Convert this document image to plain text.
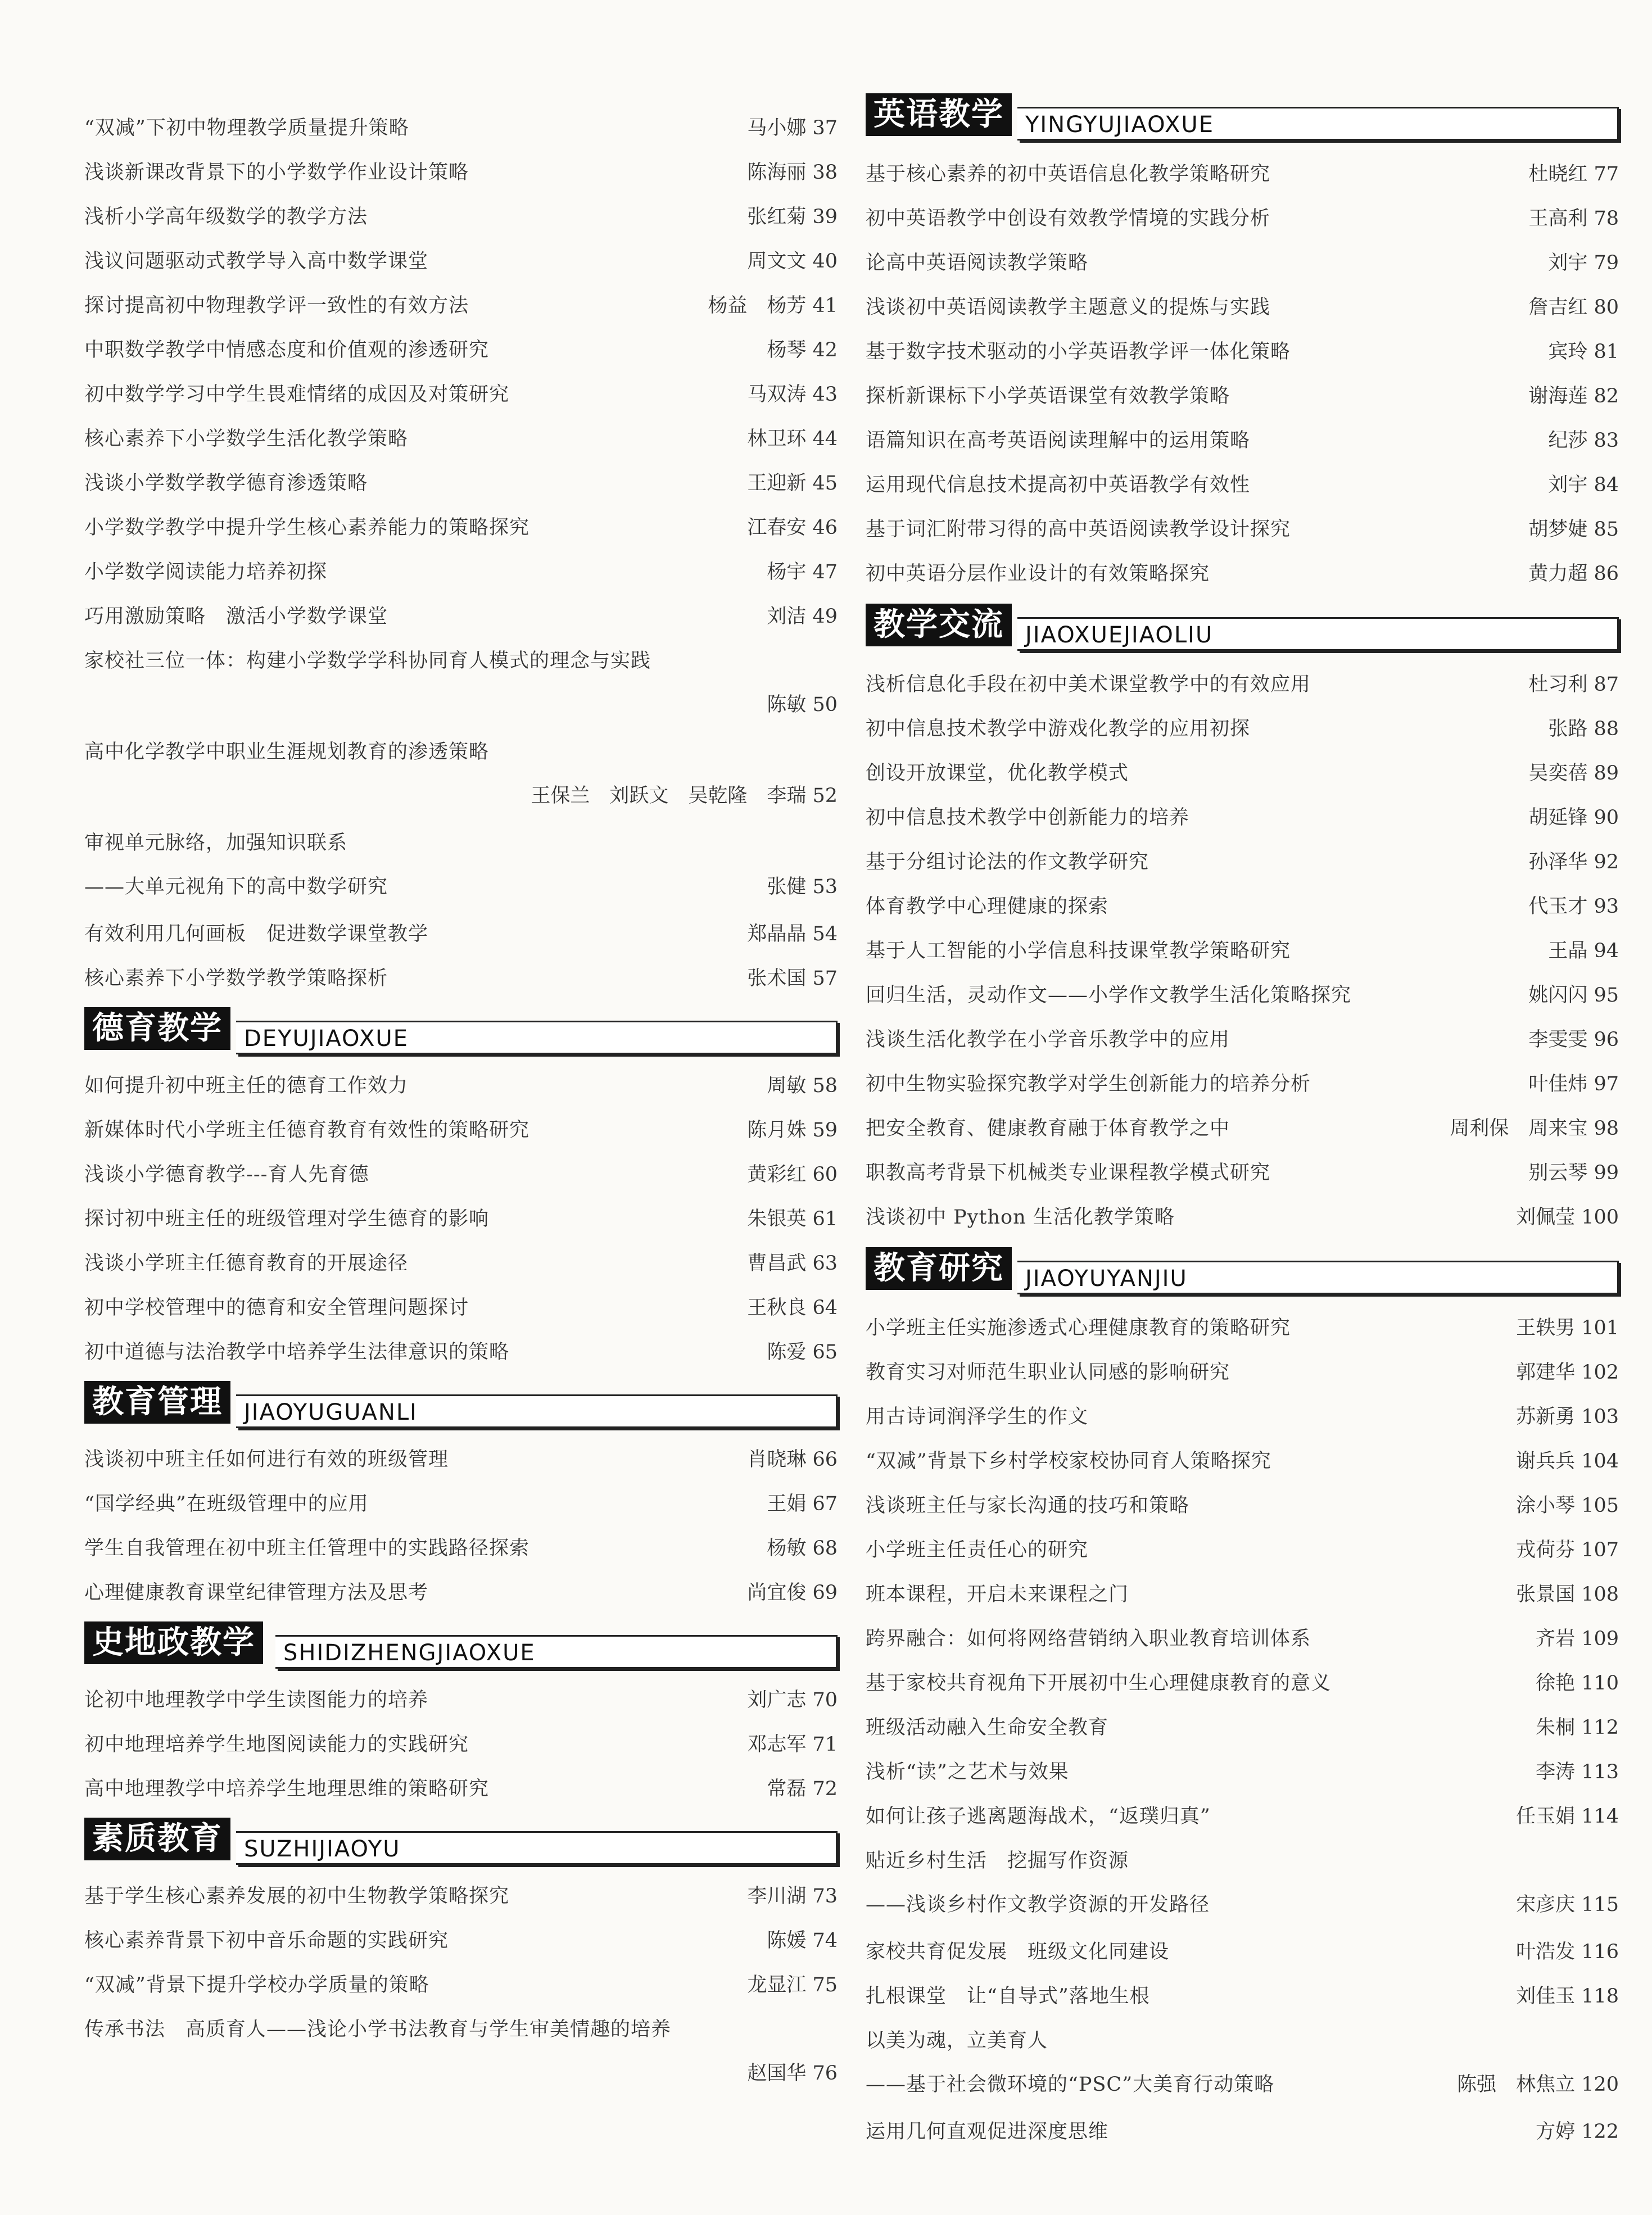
“双减”下初中物理教学质量提升策略	马小娜 37
浅谈新课改背景下的小学数学作业设计策略	陈海丽 38
浅析小学高年级数学的教学方法	张红菊 39
浅议问题驱动式教学导入高中数学课堂	周文文 40
探讨提高初中物理教学评一致性的有效方法	杨益　杨芳 41
中职数学教学中情感态度和价值观的渗透研究	杨琴 42
初中数学学习中学生畏难情绪的成因及对策研究	马双涛 43
核心素养下小学数学生活化教学策略	林卫环 44
浅谈小学数学教学德育渗透策略	王迎新 45
小学数学教学中提升学生核心素养能力的策略探究	江春安 46
小学数学阅读能力培养初探	杨宇 47
巧用激励策略　激活小学数学课堂	刘洁 49
家校社三位一体：构建小学数学学科协同育人模式的理念与实践
陈敏 50
高中化学教学中职业生涯规划教育的渗透策略
王保兰　刘跃文　吴乾隆　李瑞 52
审视单元脉络，加强知识联系
——大单元视角下的高中数学研究	张健 53
有效利用几何画板　促进数学课堂教学	郑晶晶 54
核心素养下小学数学教学策略探析	张术国 57
DEYUJIAOXUE
德育教学
如何提升初中班主任的德育工作效力	周敏 58
新媒体时代小学班主任德育教育有效性的策略研究	陈月姝 59
浅谈小学德育教学---育人先育德	黄彩红 60
探讨初中班主任的班级管理对学生德育的影响	朱银英 61
浅谈小学班主任德育教育的开展途径	曹昌武 63
初中学校管理中的德育和安全管理问题探讨	王秋良 64
初中道德与法治教学中培养学生法律意识的策略	陈爱 65
JIAOYUGUANLI
教育管理
浅谈初中班主任如何进行有效的班级管理	肖晓琳 66
“国学经典”在班级管理中的应用	王娟 67
学生自我管理在初中班主任管理中的实践路径探索	杨敏 68
心理健康教育课堂纪律管理方法及思考	尚宜俊 69
SHIDIZHENGJIAOXUE
史地政教学
论初中地理教学中学生读图能力的培养	刘广志 70
初中地理培养学生地图阅读能力的实践研究	邓志军 71
高中地理教学中培养学生地理思维的策略研究	常磊 72
SUZHIJIAOYU
素质教育
基于学生核心素养发展的初中生物教学策略探究	李川湖 73
核心素养背景下初中音乐命题的实践研究	陈媛 74
“双减”背景下提升学校办学质量的策略	龙显江 75
传承书法　高质育人——浅论小学书法教育与学生审美情趣的培养
赵国华 76
YINGYUJIAOXUE
英语教学
基于核心素养的初中英语信息化教学策略研究	杜晓红 77
初中英语教学中创设有效教学情境的实践分析	王高利 78
论高中英语阅读教学策略	刘宇 79
浅谈初中英语阅读教学主题意义的提炼与实践	詹吉红 80
基于数字技术驱动的小学英语教学评一体化策略	宾玲 81
探析新课标下小学英语课堂有效教学策略	谢海莲 82
语篇知识在高考英语阅读理解中的运用策略	纪莎 83
运用现代信息技术提高初中英语教学有效性	刘宇 84
基于词汇附带习得的高中英语阅读教学设计探究	胡梦婕 85
初中英语分层作业设计的有效策略探究	黄力超 86
JIAOXUEJIAOLIU
教学交流
浅析信息化手段在初中美术课堂教学中的有效应用	杜习利 87
初中信息技术教学中游戏化教学的应用初探	张路 88
创设开放课堂，优化教学模式	吴奕蓓 89
初中信息技术教学中创新能力的培养	胡延锋 90
基于分组讨论法的作文教学研究	孙泽华 92
体育教学中心理健康的探索	代玉才 93
基于人工智能的小学信息科技课堂教学策略研究	王晶 94
回归生活，灵动作文——小学作文教学生活化策略探究	姚闪闪 95
浅谈生活化教学在小学音乐教学中的应用	李雯雯 96
初中生物实验探究教学对学生创新能力的培养分析	叶佳炜 97
把安全教育、健康教育融于体育教学之中	周利保　周来宝 98
职教高考背景下机械类专业课程教学模式研究	别云琴 99
浅谈初中 Python 生活化教学策略	刘佩莹 100
JIAOYUYANJIU
教育研究
小学班主任实施渗透式心理健康教育的策略研究	王轶男 101
教育实习对师范生职业认同感的影响研究	郭建华 102
用古诗词润泽学生的作文	苏新勇 103
“双减”背景下乡村学校家校协同育人策略探究	谢兵兵 104
浅谈班主任与家长沟通的技巧和策略	涂小琴 105
小学班主任责任心的研究	戎荷芬 107
班本课程，开启未来课程之门	张景国 108
跨界融合：如何将网络营销纳入职业教育培训体系	齐岩 109
基于家校共育视角下开展初中生心理健康教育的意义	徐艳 110
班级活动融入生命安全教育	朱桐 112
浅析“读”之艺术与效果	李涛 113
如何让孩子逃离题海战术，“返璞归真”	任玉娟 114
贴近乡村生活　挖掘写作资源
——浅谈乡村作文教学资源的开发路径	宋彦庆 115
家校共育促发展　班级文化同建设	叶浩发 116
扎根课堂　让“自导式”落地生根	刘佳玉 118
以美为魂，立美育人
——基于社会微环境的“PSC”大美育行动策略	陈强　林焦立 120
运用几何直观促进深度思维	方婷 122
